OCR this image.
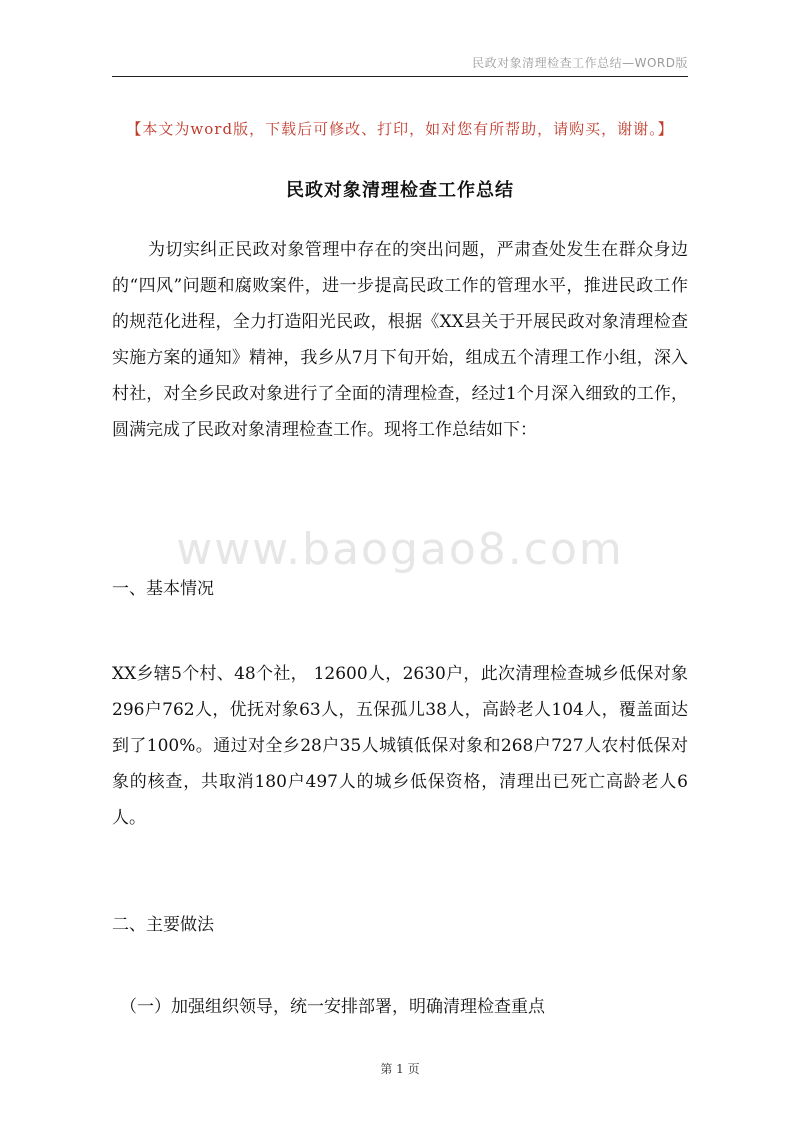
民政对象清理检查工作总结—WORD版
【本文为word版，下载后可修改、打印，如对您有所帮助，请购买，谢谢。】
民政对象清理检查工作总结

为切实纠正民政对象管理中存在的突出问题，严肃查处发生在群众身边的“四风”问题和腐败案件，进一步提高民政工作的管理水平，推进民政工作的规范化进程，全力打造阳光民政，根据《XX县关于开展民政对象清理检查实施方案的通知》精神，我乡从7月下旬开始，组成五个清理工作小组，深入村社，对全乡民政对象进行了全面的清理检查，经过1个月深入细致的工作，圆满完成了民政对象清理检查工作。现将工作总结如下：

www.baogao8.com

一、基本情况

XX乡辖5个村、48个社， 12600人，2630户，此次清理检查城乡低保对象296户762人，优抚对象63人，五保孤儿38人，高龄老人104人，覆盖面达到了100%。通过对全乡28户35人城镇低保对象和268户727人农村低保对象的核查，共取消180户497人的城乡低保资格，清理出已死亡高龄老人6人。

二、主要做法

（一）加强组织领导，统一安排部署，明确清理检查重点

第 1 页
